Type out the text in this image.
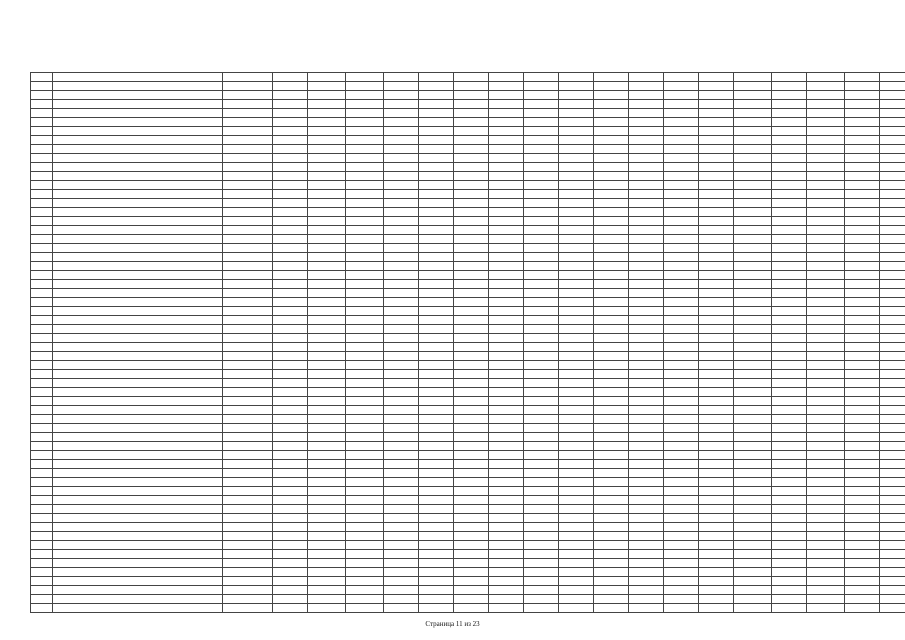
Страница 11 из 23
